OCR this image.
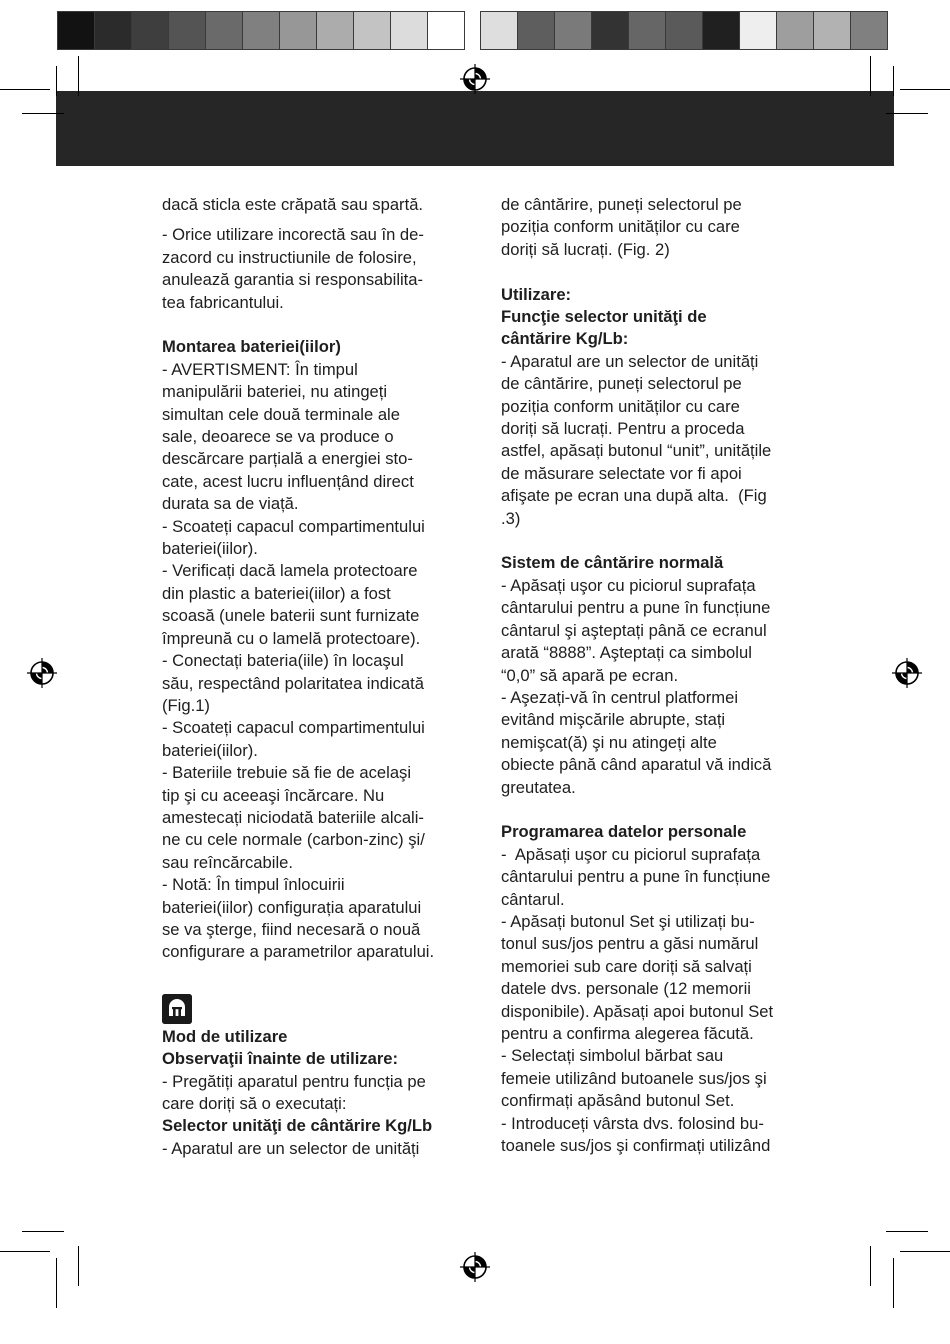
dacă sticla este crăpată sau spartă.

- Orice utilizare incorectă sau în de-

zacord cu instructiunile de folosire,

anulează garantia si responsabilita-

tea fabricantului.

Montarea bateriei(iilor)

- AVERTISMENT: În timpul

manipulării bateriei, nu atingeți

simultan cele două terminale ale

sale, deoarece se va produce o

descărcare parțială a energiei sto-

cate, acest lucru influențând direct

durata sa de viață.

- Scoateți capacul compartimentului

bateriei(iilor).

- Verificați dacă lamela protectoare

din plastic a bateriei(iilor) a fost

scoasă (unele baterii sunt furnizate

împreună cu o lamelă protectoare).

- Conectați bateria(iile) în locaşul

său, respectând polaritatea indicată

(Fig.1)

- Scoateți capacul compartimentului

bateriei(iilor).

- Bateriile trebuie să fie de acelaşi

tip şi cu aceeaşi încărcare. Nu

amestecați niciodată bateriile alcali-

ne cu cele normale (carbon-zinc) şi/

sau reîncărcabile.

- Notă: În timpul înlocuirii

bateriei(iilor) configurația aparatului

se va şterge, fiind necesară o nouă

configurare a parametrilor aparatului.

Mod de utilizare

Observaţii înainte de utilizare:

- Pregătiți aparatul pentru funcția pe

care doriți să o executați:

Selector unităţi de cântărire Kg/Lb

- Aparatul are un selector de unități

de cântărire, puneți selectorul pe

poziția conform unităților cu care

doriți să lucrați. (Fig. 2)

Utilizare:

Funcţie selector unităţi de

cântărire Kg/Lb:

- Aparatul are un selector de unități

de cântărire, puneți selectorul pe

poziția conform unităților cu care

doriți să lucrați. Pentru a proceda

astfel, apăsați butonul “unit”, unitățile

de măsurare selectate vor fi apoi

afişate pe ecran una după alta.  (Fig

.3)

Sistem de cântărire normală

- Apăsați uşor cu piciorul suprafața

cântarului pentru a pune în funcțiune

cântarul şi aşteptați până ce ecranul

arată “8888”. Aşteptați ca simbolul

“0,0” să apară pe ecran.

- Aşezați-vă în centrul platformei

evitând mişcările abrupte, stați

nemişcat(ă) şi nu atingeți alte

obiecte până când aparatul vă indică

greutatea.

Programarea datelor personale

-  Apăsați uşor cu piciorul suprafața

cântarului pentru a pune în funcțiune

cântarul.

- Apăsați butonul Set şi utilizați bu-

tonul sus/jos pentru a găsi numărul

memoriei sub care doriți să salvați

datele dvs. personale (12 memorii

disponibile). Apăsați apoi butonul Set

pentru a confirma alegerea făcută.

- Selectați simbolul bărbat sau

femeie utilizând butoanele sus/jos şi

confirmați apăsând butonul Set.

- Introduceți vârsta dvs. folosind bu-

toanele sus/jos şi confirmați utilizând
